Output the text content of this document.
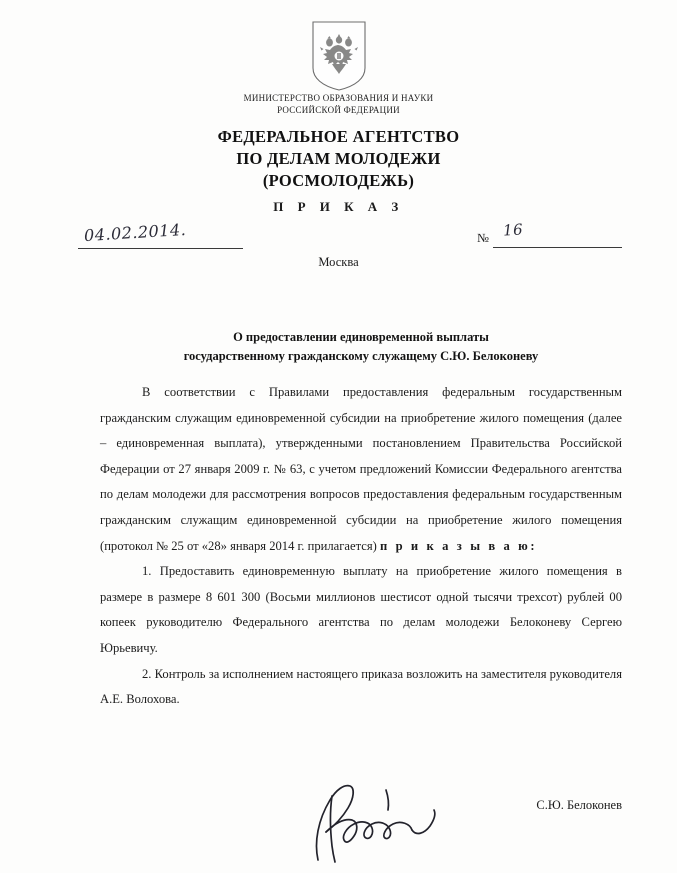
МИНИСТЕРСТВО ОБРАЗОВАНИЯ И НАУКИ
РОССИЙСКОЙ ФЕДЕРАЦИИ
ФЕДЕРАЛЬНОЕ АГЕНТСТВО
ПО ДЕЛАМ МОЛОДЕЖИ
(РОСМОЛОДЕЖЬ)
П Р И К А З
04.02.2014.	№ 16
Москва
О предоставлении единовременной выплаты
государственному гражданскому служащему С.Ю. Белоконеву

В соответствии с Правилами предоставления федеральным государственным гражданским служащим единовременной субсидии на приобретение жилого помещения (далее – единовременная выплата), утвержденными постановлением Правительства Российской Федерации от 27 января 2009 г. № 63, с учетом предложений Комиссии Федерального агентства по делам молодежи для рассмотрения вопросов предоставления федеральным государственным гражданским служащим единовременной субсидии на приобретение жилого помещения (протокол № 25 от «28» января 2014 г. прилагается) п р и к а з ы в а ю:

1. Предоставить единовременную выплату на приобретение жилого помещения в размере в размере 8 601 300 (Восьми миллионов шестисот одной тысячи трехсот) рублей 00 копеек руководителю Федерального агентства по делам молодежи Белоконеву Сергею Юрьевичу.

2. Контроль за исполнением настоящего приказа возложить на заместителя руководителя А.Е. Волохова.

С.Ю. Белоконев
